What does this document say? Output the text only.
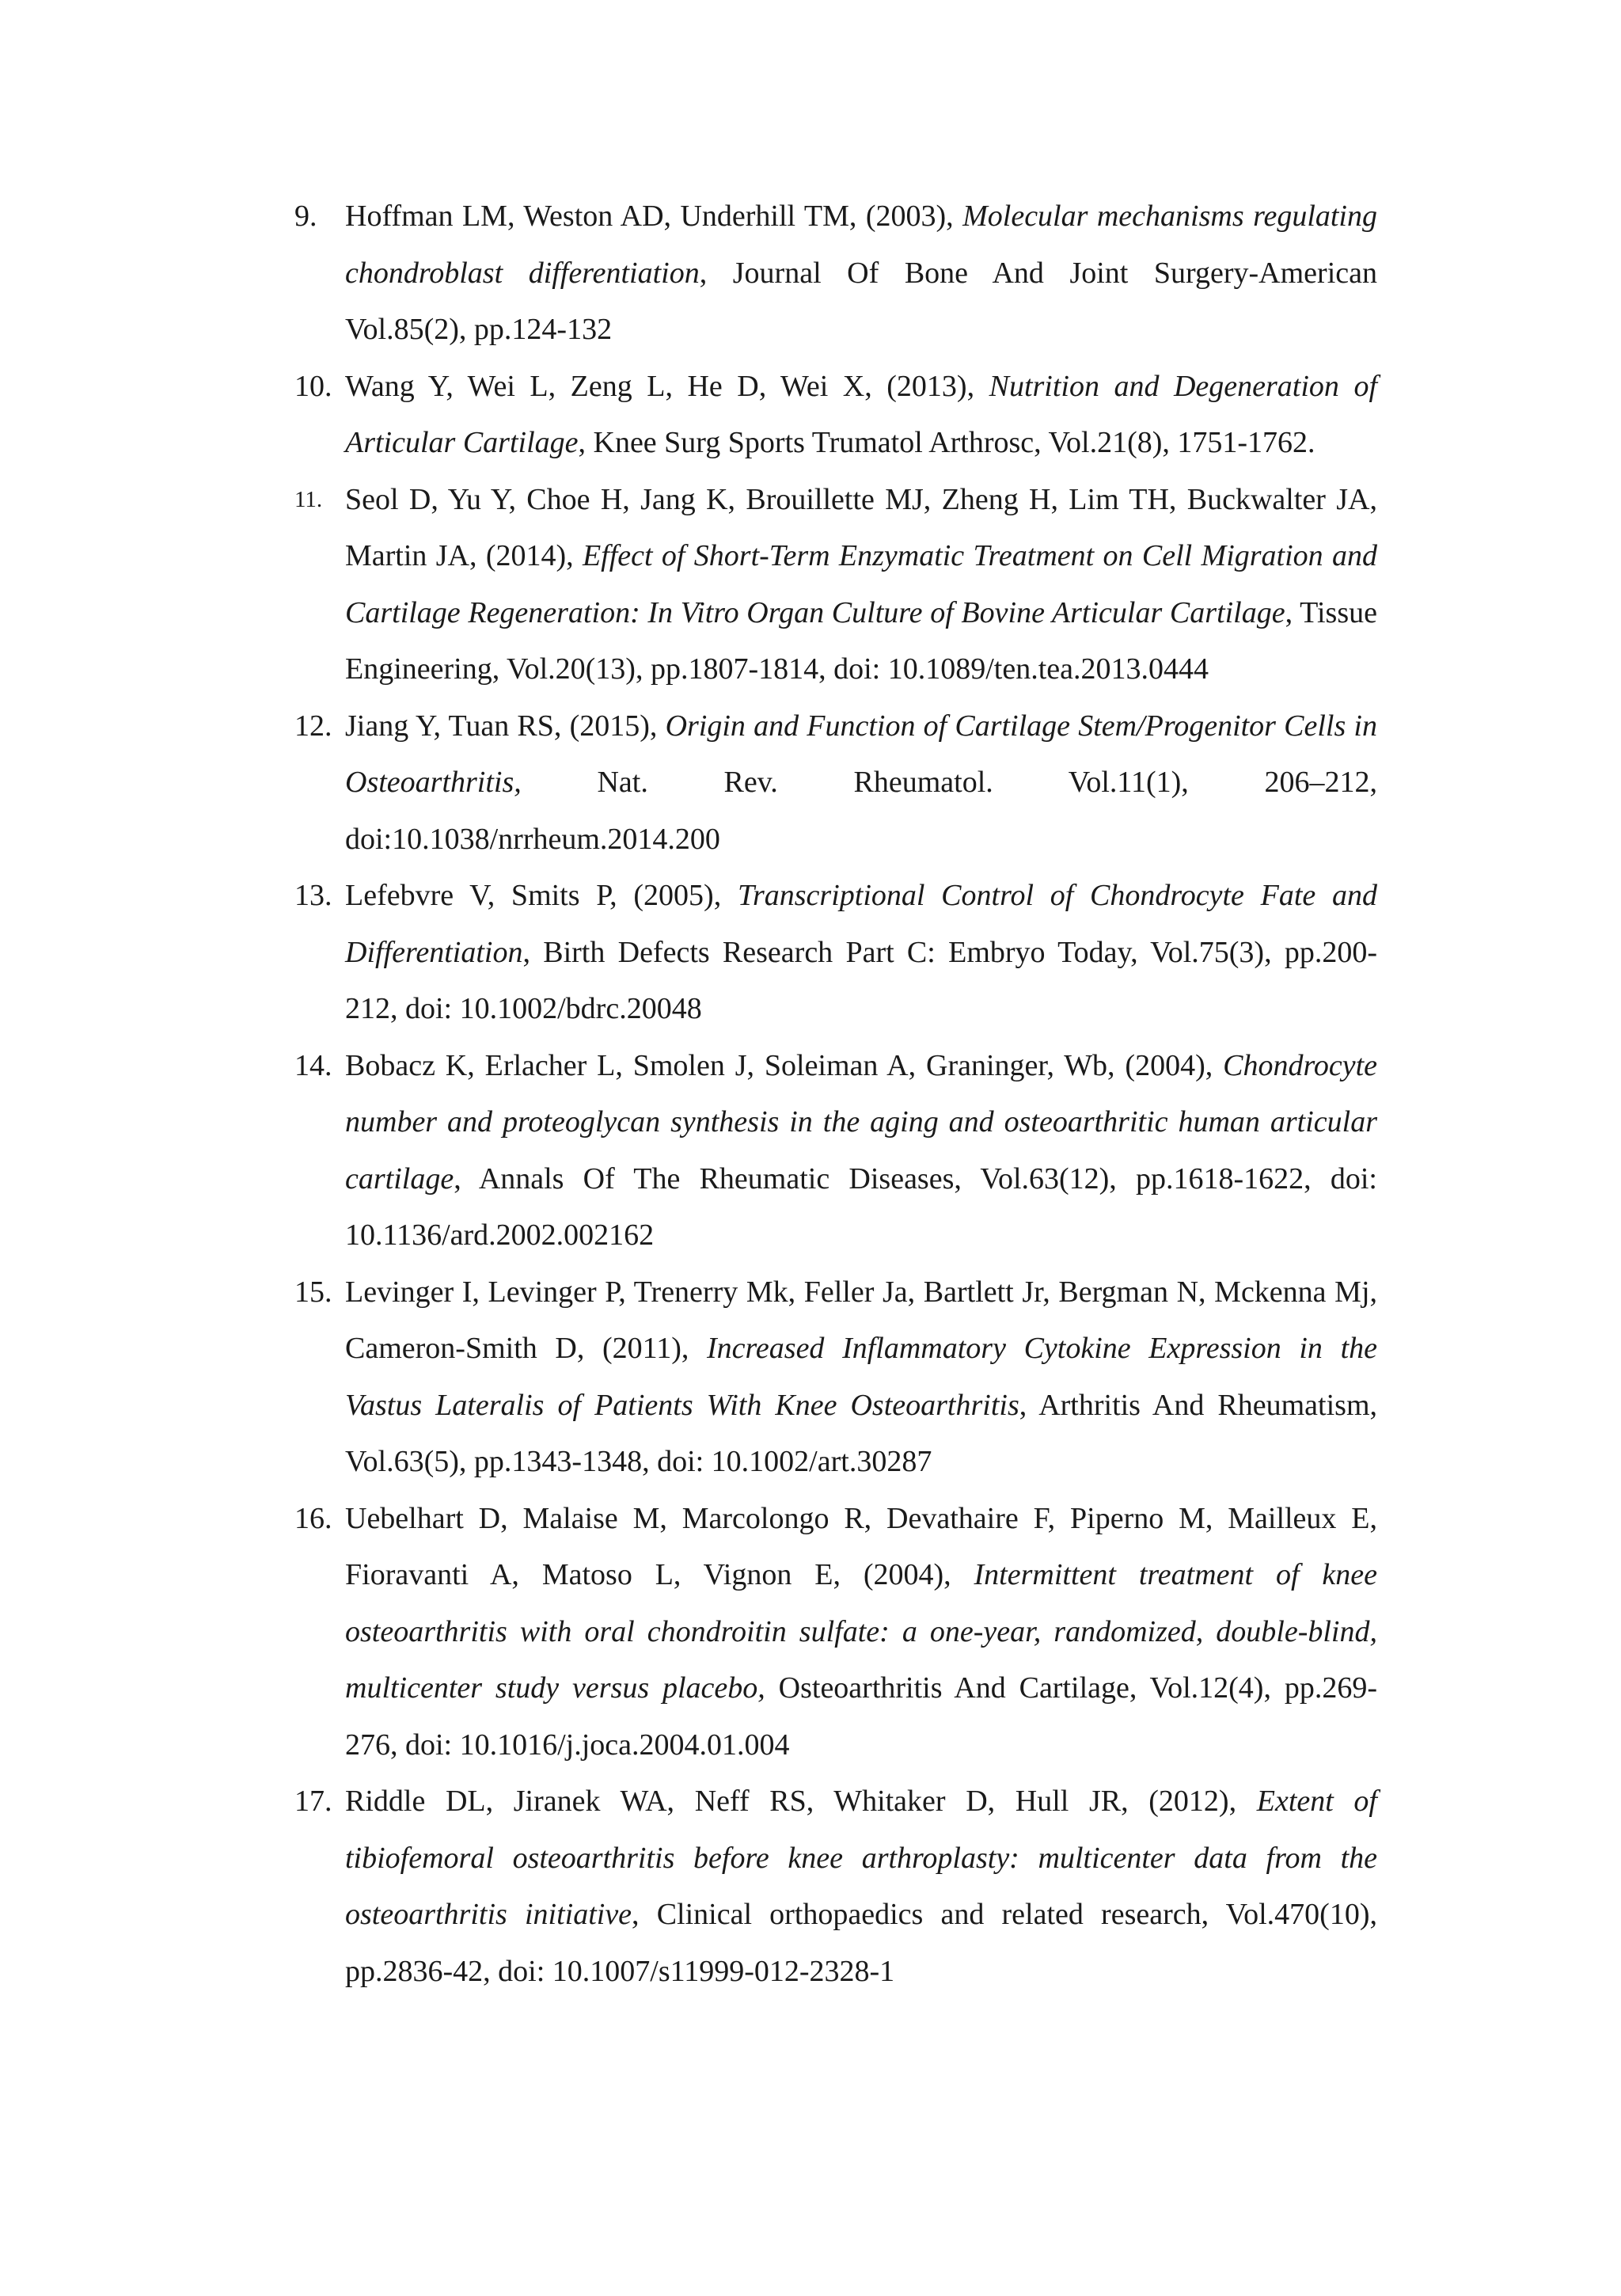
9. Hoffman LM, Weston AD, Underhill TM, (2003), Molecular mechanisms regulating chondroblast differentiation, Journal Of Bone And Joint Surgery-American Vol.85(2), pp.124-132
10. Wang Y, Wei L, Zeng L, He D, Wei X, (2013), Nutrition and Degeneration of Articular Cartilage, Knee Surg Sports Trumatol Arthrosc, Vol.21(8), 1751-1762.
11. Seol D, Yu Y, Choe H, Jang K, Brouillette MJ, Zheng H, Lim TH, Buckwalter JA, Martin JA, (2014), Effect of Short-Term Enzymatic Treatment on Cell Migration and Cartilage Regeneration: In Vitro Organ Culture of Bovine Articular Cartilage, Tissue Engineering, Vol.20(13), pp.1807-1814, doi: 10.1089/ten.tea.2013.0444
12. Jiang Y, Tuan RS, (2015), Origin and Function of Cartilage Stem/Progenitor Cells in Osteoarthritis, Nat. Rev. Rheumatol. Vol.11(1), 206–212, doi:10.1038/nrrheum.2014.200
13. Lefebvre V, Smits P, (2005), Transcriptional Control of Chondrocyte Fate and Differentiation, Birth Defects Research Part C: Embryo Today, Vol.75(3), pp.200-212, doi: 10.1002/bdrc.20048
14. Bobacz K, Erlacher L, Smolen J, Soleiman A, Graninger, Wb, (2004), Chondrocyte number and proteoglycan synthesis in the aging and osteoarthritic human articular cartilage, Annals Of The Rheumatic Diseases, Vol.63(12), pp.1618-1622, doi: 10.1136/ard.2002.002162
15. Levinger I, Levinger P, Trenerry Mk, Feller Ja, Bartlett Jr, Bergman N, Mckenna Mj, Cameron-Smith D, (2011), Increased Inflammatory Cytokine Expression in the Vastus Lateralis of Patients With Knee Osteoarthritis, Arthritis And Rheumatism, Vol.63(5), pp.1343-1348, doi: 10.1002/art.30287
16. Uebelhart D, Malaise M, Marcolongo R, Devathaire F, Piperno M, Mailleux E, Fioravanti A, Matoso L, Vignon E, (2004), Intermittent treatment of knee osteoarthritis with oral chondroitin sulfate: a one-year, randomized, double-blind, multicenter study versus placebo, Osteoarthritis And Cartilage, Vol.12(4), pp.269-276, doi: 10.1016/j.joca.2004.01.004
17. Riddle DL, Jiranek WA, Neff RS, Whitaker D, Hull JR, (2012), Extent of tibiofemoral osteoarthritis before knee arthroplasty: multicenter data from the osteoarthritis initiative, Clinical orthopaedics and related research, Vol.470(10), pp.2836-42, doi: 10.1007/s11999-012-2328-1
